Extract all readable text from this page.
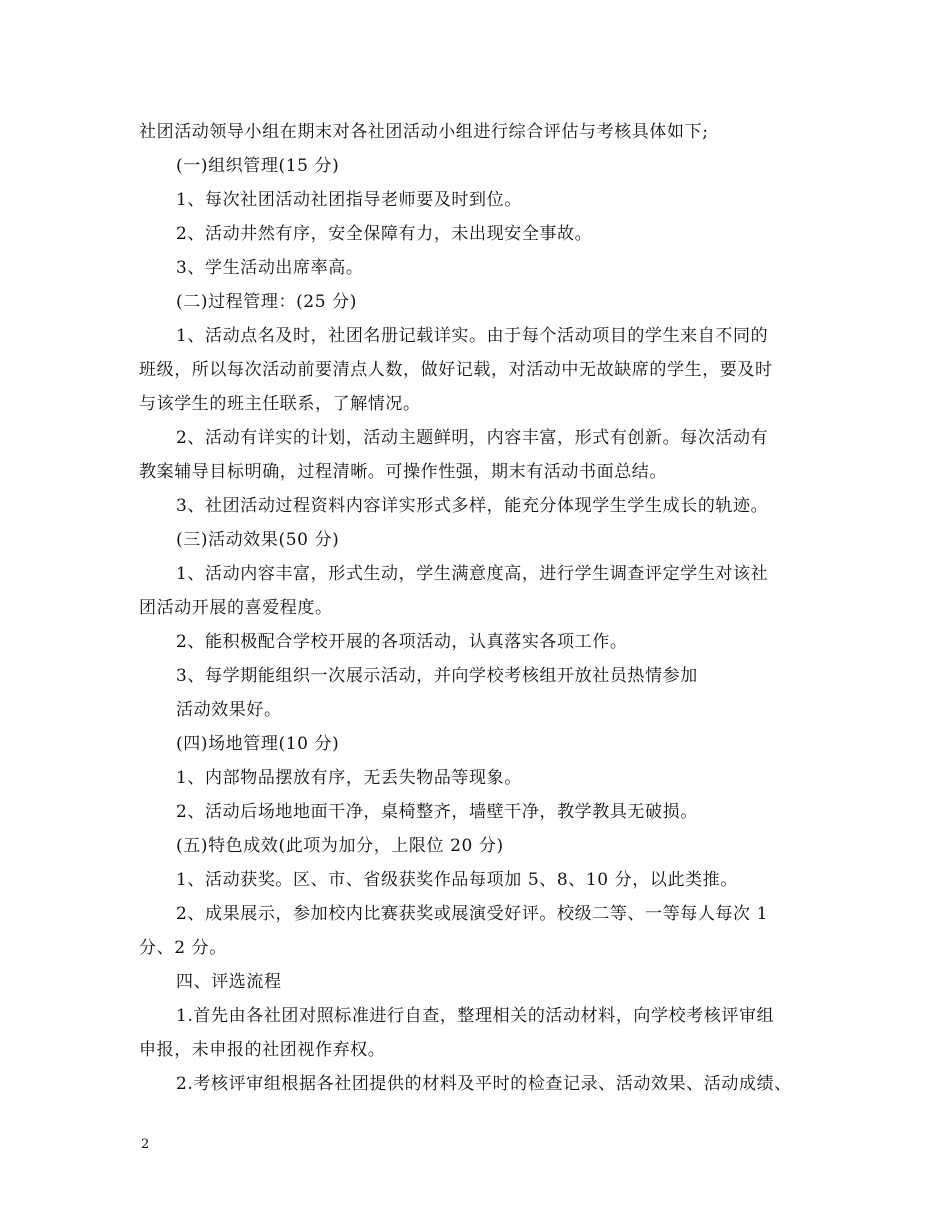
社团活动领导小组在期末对各社团活动小组进行综合评估与考核具体如下;
(一)组织管理(15 分)
1、每次社团活动社团指导老师要及时到位。
2、活动井然有序，安全保障有力，未出现安全事故。
3、学生活动出席率高。
(二)过程管理：(25 分)
1、活动点名及时，社团名册记载详实。由于每个活动项目的学生来自不同的
班级，所以每次活动前要清点人数，做好记载，对活动中无故缺席的学生，要及时
与该学生的班主任联系，了解情况。
2、活动有详实的计划，活动主题鲜明，内容丰富，形式有创新。每次活动有
教案辅导目标明确，过程清晰。可操作性强，期末有活动书面总结。
3、社团活动过程资料内容详实形式多样，能充分体现学生学生成长的轨迹。
(三)活动效果(50 分)
1、活动内容丰富，形式生动，学生满意度高，进行学生调查评定学生对该社
团活动开展的喜爱程度。
2、能积极配合学校开展的各项活动，认真落实各项工作。
3、每学期能组织一次展示活动，并向学校考核组开放社员热情参加
活动效果好。
(四)场地管理(10 分)
1、内部物品摆放有序，无丢失物品等现象。
2、活动后场地地面干净，桌椅整齐，墙壁干净，教学教具无破损。
(五)特色成效(此项为加分，上限位 20 分)
1、活动获奖。区、市、省级获奖作品每项加 5、8、10 分，以此类推。
2、成果展示，参加校内比赛获奖或展演受好评。校级二等、一等每人每次 1
分、2 分。
四、评选流程
1.首先由各社团对照标准进行自查，整理相关的活动材料，向学校考核评审组
申报，未申报的社团视作弃权。
2.考核评审组根据各社团提供的材料及平时的检查记录、活动效果、活动成绩、
2
